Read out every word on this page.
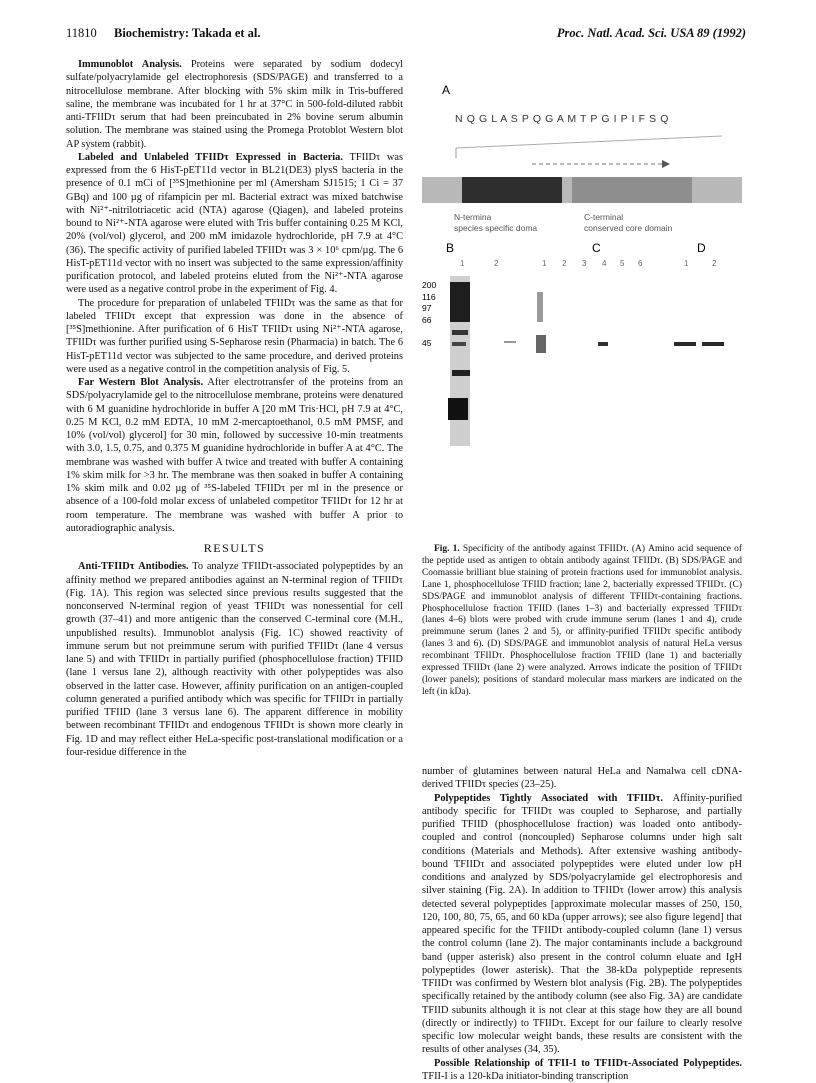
11810 Biochemistry: Takada et al.	Proc. Natl. Acad. Sci. USA 89 (1992)

Immunoblot Analysis. Proteins were separated by sodium dodecyl sulfate/polyacrylamide gel electrophoresis (SDS/PAGE) and transferred to a nitrocellulose membrane. After blocking with 5% skim milk in Tris-buffered saline, the membrane was incubated for 1 hr at 37°C in 500-fold-diluted rabbit anti-TFIIDτ serum that had been preincubated in 2% bovine serum albumin solution. The membrane was stained using the Promega Protoblot Western blot AP system (rabbit).

Labeled and Unlabeled TFIIDτ Expressed in Bacteria. TFIIDτ was expressed from the 6 HisT-pET11d vector in BL21(DE3) plysS bacteria in the presence of 0.1 mCi of [³⁵S]methionine per ml (Amersham SJ1515; 1 Ci = 37 GBq) and 100 µg of rifampicin per ml. Bacterial extract was mixed batchwise with Ni²⁺-nitrilotriacetic acid (NTA) agarose (Qiagen), and labeled proteins bound to Ni²⁺-NTA agarose were eluted with Tris buffer containing 0.25 M KCl, 20% (vol/vol) glycerol, and 200 mM imidazole hydrochloride, pH 7.9 at 4°C (36). The specific activity of purified labeled TFIIDτ was 3 × 10⁶ cpm/µg. The 6 HisT-pET11d vector with no insert was subjected to the same expression/affinity purification protocol, and labeled proteins eluted from the Ni²⁺-NTA agarose were used as a negative control probe in the experiment of Fig. 4.

The procedure for preparation of unlabeled TFIIDτ was the same as that for labeled TFIIDτ except that expression was done in the absence of [³⁵S]methionine. After purification of 6 HisT TFIIDτ using Ni²⁺-NTA agarose, TFIIDτ was further purified using S-Sepharose resin (Pharmacia) in batch. The 6 HisT-pET11d vector was subjected to the same procedure, and derived proteins were used as a negative control in the competition analysis of Fig. 5.

Far Western Blot Analysis. After electrotransfer of the proteins from an SDS/polyacrylamide gel to the nitrocellulose membrane, proteins were denatured with 6 M guanidine hydrochloride in buffer A [20 mM Tris·HCl, pH 7.9 at 4°C, 0.25 M KCl, 0.2 mM EDTA, 10 mM 2-mercaptoethanol, 0.5 mM PMSF, and 10% (vol/vol) glycerol] for 30 min, followed by successive 10-min treatments with 3.0, 1.5, 0.75, and 0.375 M guanidine hydrochloride in buffer A at 4°C. The membrane was washed with buffer A twice and treated with buffer A containing 1% skim milk for >3 hr. The membrane was then soaked in buffer A containing 1% skim milk and 0.02 µg of ³⁵S-labeled TFIIDτ per ml in the presence or absence of a 100-fold molar excess of unlabeled competitor TFIIDτ for 12 hr at room temperature. The membrane was washed with buffer A prior to autoradiographic analysis.

RESULTS

Anti-TFIIDτ Antibodies. To analyze TFIIDτ-associated polypeptides by an affinity method we prepared antibodies against an N-terminal region of TFIIDτ (Fig. 1A). This region was selected since previous results suggested that the nonconserved N-terminal region of yeast TFIIDτ was nonessential for cell growth (37–41) and more antigenic than the conserved C-terminal core (M.H., unpublished results). Immunoblot analysis (Fig. 1C) showed reactivity of immune serum but not preimmune serum with purified TFIIDτ (lane 4 versus lane 5) and with TFIIDτ in partially purified (phosphocellulose fraction) TFIID (lane 1 versus lane 2), although reactivity with other polypeptides was also observed in the latter case. However, affinity purification on an antigen-coupled column generated a purified antibody which was specific for TFIIDτ in partially purified TFIID (lane 3 versus lane 6). The apparent difference in mobility between recombinant TFIIDτ and endogenous TFIIDτ is shown more clearly in Fig. 1D and may reflect either HeLa-specific post-translational modification or a four-residue difference in the

A
N Q G L A S P Q G A M T P G I P I F S Q
N-termina
species specific doma
C-terminal
conserved core domain
B	C	D
1	2	1 2 3 4 5 6	1	2
200
116
97
66
45
Fig. 1. Specificity of the antibody against TFIIDτ. (A) Amino acid sequence of the peptide used as antigen to obtain antibody against TFIIDτ. (B) SDS/PAGE and Coomassie brilliant blue staining of protein fractions used for immunoblot analysis. Lane 1, phosphocellulose TFIID fraction; lane 2, bacterially expressed TFIIDτ. (C) SDS/PAGE and immunoblot analysis of different TFIIDτ-containing fractions. Phosphocellulose fraction TFIID (lanes 1–3) and bacterially expressed TFIIDτ (lanes 4–6) blots were probed with crude immune serum (lanes 1 and 4), crude preimmune serum (lanes 2 and 5), or affinity-purified TFIIDτ specific antibody (lanes 3 and 6). (D) SDS/PAGE and immunoblot analysis of natural HeLa versus recombinant TFIIDτ. Phosphocellulose fraction TFIID (lane 1) and bacterially expressed TFIIDτ (lane 2) were analyzed. Arrows indicate the position of TFIIDτ (lower panels); positions of standard molecular mass markers are indicated on the left (in kDa).

number of glutamines between natural HeLa and Namalwa cell cDNA-derived TFIIDτ species (23–25).

Polypeptides Tightly Associated with TFIIDτ. Affinity-purified antibody specific for TFIIDτ was coupled to Sepharose, and partially purified TFIID (phosphocellulose fraction) was loaded onto antibody-coupled and control (noncoupled) Sepharose columns under high salt conditions (Materials and Methods). After extensive washing antibody-bound TFIIDτ and associated polypeptides were eluted under low pH conditions and analyzed by SDS/polyacrylamide gel electrophoresis and silver staining (Fig. 2A). In addition to TFIIDτ (lower arrow) this analysis detected several polypeptides [approximate molecular masses of 250, 150, 120, 100, 80, 75, 65, and 60 kDa (upper arrows); see also figure legend] that appeared specific for the TFIIDτ antibody-coupled column (lane 1) versus the control column (lane 2). The major contaminants include a background band (upper asterisk) also present in the control column eluate and IgH polypeptides (lower asterisk). That the 38-kDa polypeptide represents TFIIDτ was confirmed by Western blot analysis (Fig. 2B). The polypeptides specifically retained by the antibody column (see also Fig. 3A) are candidate TFIID subunits although it is not clear at this stage how they are all bound (directly or indirectly) to TFIIDτ. Except for our failure to clearly resolve specific low molecular weight bands, these results are consistent with the results of other analyses (34, 35).

Possible Relationship of TFII-I to TFIIDτ-Associated Polypeptides. TFII-I is a 120-kDa initiator-binding transcription
